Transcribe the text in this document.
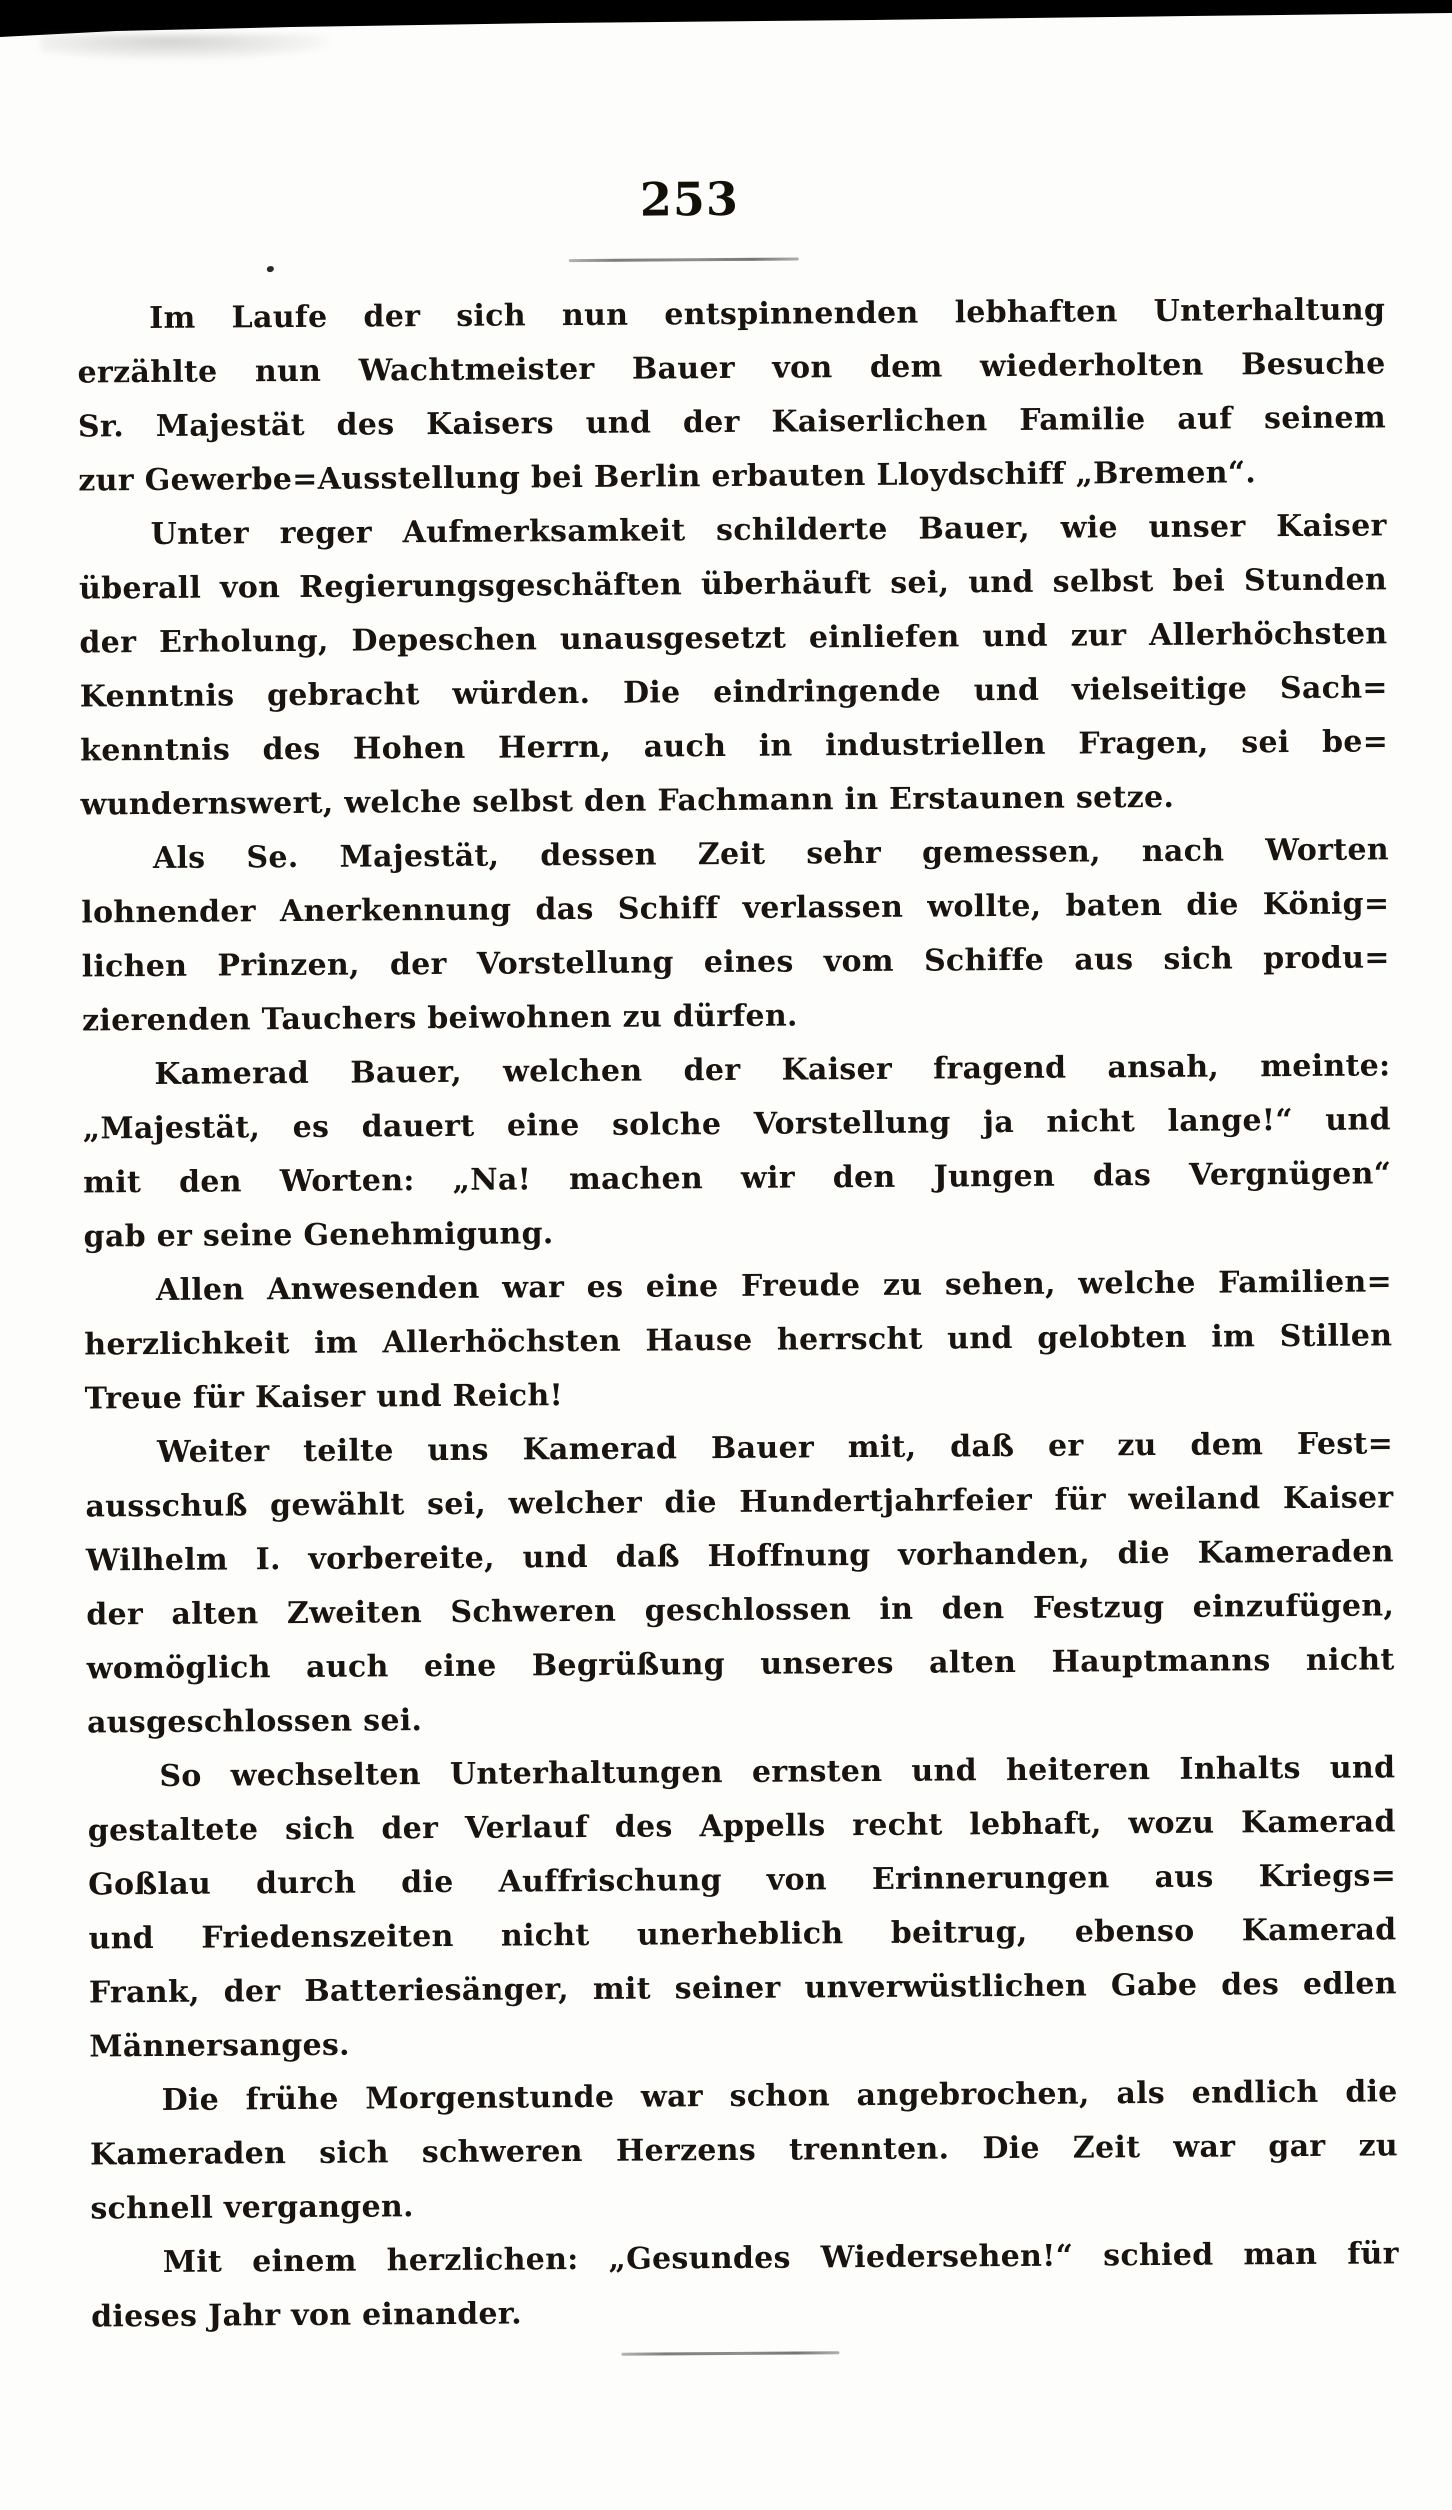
253

Im Laufe der sich nun entspinnenden lebhaften Unterhaltung
erzählte nun Wachtmeister Bauer von dem wiederholten Besuche
Sr. Majestät des Kaisers und der Kaiserlichen Familie auf seinem
zur Gewerbe=Ausstellung bei Berlin erbauten Lloydschiff „Bremen“.

Unter reger Aufmerksamkeit schilderte Bauer, wie unser Kaiser
überall von Regierungsgeschäften überhäuft sei, und selbst bei Stunden
der Erholung, Depeschen unausgesetzt einliefen und zur Allerhöchsten
Kenntnis gebracht würden. Die eindringende und vielseitige Sach=
kenntnis des Hohen Herrn, auch in industriellen Fragen, sei be=
wundernswert, welche selbst den Fachmann in Erstaunen setze.

Als Se. Majestät, dessen Zeit sehr gemessen, nach Worten
lohnender Anerkennung das Schiff verlassen wollte, baten die König=
lichen Prinzen, der Vorstellung eines vom Schiffe aus sich produ=
zierenden Tauchers beiwohnen zu dürfen.

Kamerad Bauer, welchen der Kaiser fragend ansah, meinte:
„Majestät, es dauert eine solche Vorstellung ja nicht lange!“ und
mit den Worten: „Na! machen wir den Jungen das Vergnügen“
gab er seine Genehmigung.

Allen Anwesenden war es eine Freude zu sehen, welche Familien=
herzlichkeit im Allerhöchsten Hause herrscht und gelobten im Stillen
Treue für Kaiser und Reich!

Weiter teilte uns Kamerad Bauer mit, daß er zu dem Fest=
ausschuß gewählt sei, welcher die Hundertjahrfeier für weiland Kaiser
Wilhelm I. vorbereite, und daß Hoffnung vorhanden, die Kameraden
der alten Zweiten Schweren geschlossen in den Festzug einzufügen,
womöglich auch eine Begrüßung unseres alten Hauptmanns nicht
ausgeschlossen sei.

So wechselten Unterhaltungen ernsten und heiteren Inhalts und
gestaltete sich der Verlauf des Appells recht lebhaft, wozu Kamerad
Goßlau durch die Auffrischung von Erinnerungen aus Kriegs=
und Friedenszeiten nicht unerheblich beitrug, ebenso Kamerad
Frank, der Batteriesänger, mit seiner unverwüstlichen Gabe des edlen
Männersanges.

Die frühe Morgenstunde war schon angebrochen, als endlich die
Kameraden sich schweren Herzens trennten. Die Zeit war gar zu
schnell vergangen.

Mit einem herzlichen: „Gesundes Wiedersehen!“ schied man für
dieses Jahr von einander.
